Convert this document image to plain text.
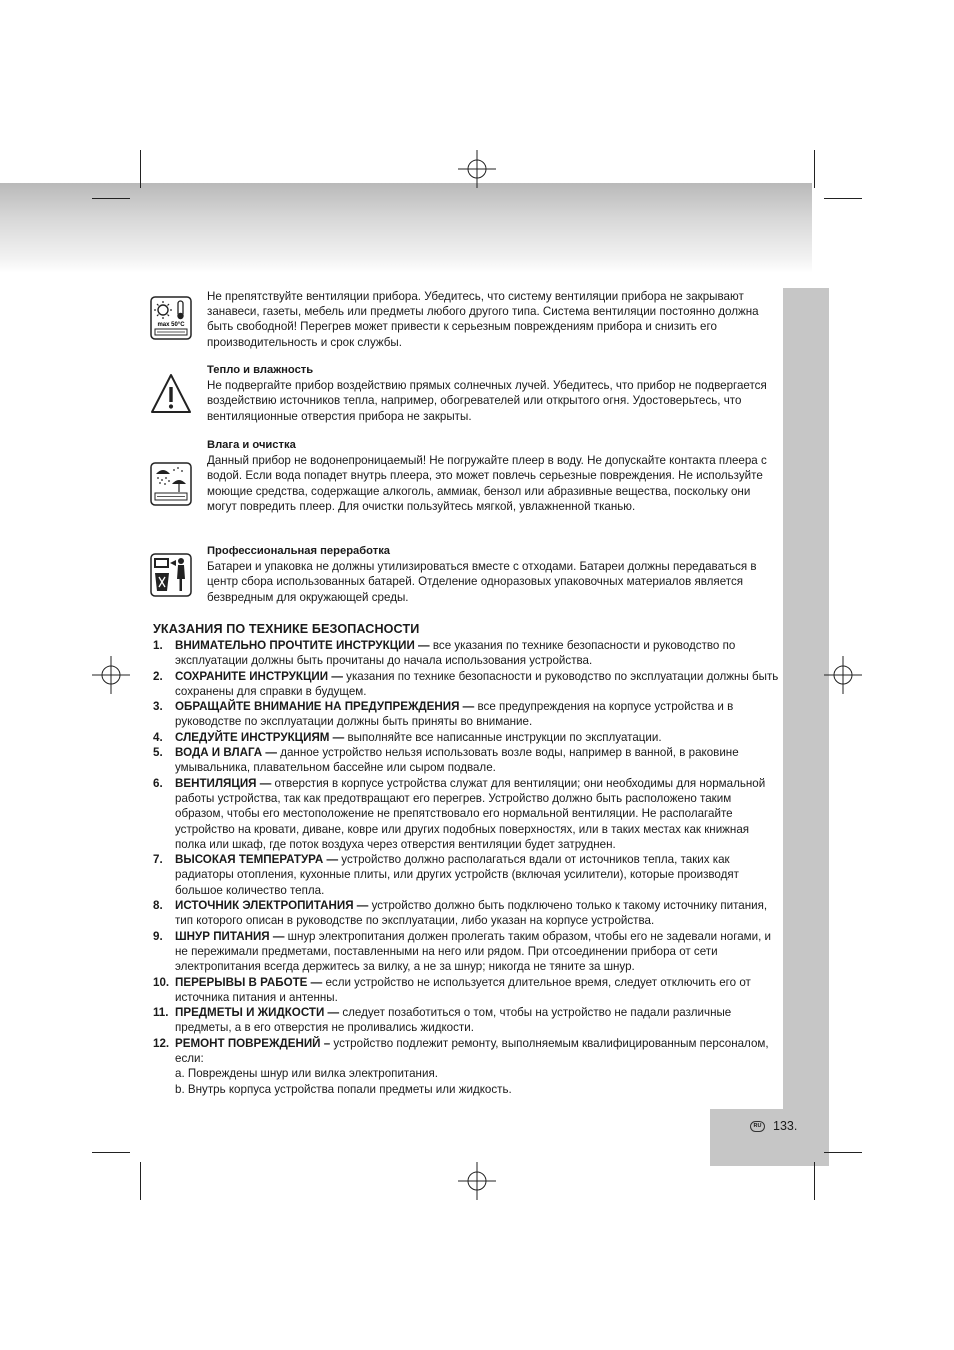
RU 133.
max 50°C

Не препятствуйте вентиляции прибора. Убедитесь, что систему вентиляции прибора не закрывают занавеси, газеты, мебель или предметы любого другого типа. Система вентиляции постоянно должна быть свободной! Перегрев может привести к серьезным повреждениям прибора и снизить его производительность и срок службы.

Тепло и влажность

Не подвергайте прибор воздействию прямых солнечных лучей. Убедитесь, что прибор не подвергается воздействию источников тепла, например, обогревателей или открытого огня. Удостоверьтесь, что вентиляционные отверстия прибора не закрыты.

Влага и очистка

Данный прибор не водонепроницаемый! Не погружайте плеер в воду. Не допускайте контакта плеера с водой. Если вода попадет внутрь плеера, это может повлечь серьезные повреждения. Не используйте моющие средства, содержащие алкоголь, аммиак, бензол или абразивные вещества, поскольку они могут повредить плеер. Для очистки пользуйтесь мягкой, увлажненной тканью.

Профессиональная переработка

Батареи и упаковка не должны утилизироваться вместе с отходами. Батареи должны передаваться в центр сбора использованных батарей. Отделение одноразовых упаковочных материалов является безвредным для окружающей среды.

УКАЗАНИЯ ПО ТЕХНИКЕ БЕЗОПАСНОСТИ
1. ВНИМАТЕЛЬНО ПРОЧТИТЕ ИНСТРУКЦИИ — все указания по технике безопасности и руководство по эксплуатации должны быть прочитаны до начала использования устройства.
2. СОХРАНИТЕ ИНСТРУКЦИИ — указания по технике безопасности и руководство по эксплуатации должны быть сохранены для справки в будущем.
3. ОБРАЩАЙТЕ ВНИМАНИЕ НА ПРЕДУПРЕЖДЕНИЯ — все предупреждения на корпусе устройства и в руководстве по эксплуатации должны быть приняты во внимание.
4. СЛЕДУЙТЕ ИНСТРУКЦИЯМ — выполняйте все написанные инструкции по эксплуатации.
5. ВОДА И ВЛАГА — данное устройство нельзя использовать возле воды, например в ванной, в раковине умывальника, плавательном бассейне или сыром подвале.
6. ВЕНТИЛЯЦИЯ — отверстия в корпусе устройства служат для вентиляции; они необходимы для нормальной работы устройства, так как предотвращают его перегрев. Устройство должно быть расположено таким образом, чтобы его местоположение не препятствовало его нормальной вентиляции. Не располагайте устройство на кровати, диване, ковре или других подобных поверхностях, или в таких местах как книжная полка или шкаф, где поток воздуха через отверстия вентиляции будет затруднен.
7. ВЫСОКАЯ ТЕМПЕРАТУРА — устройство должно располагаться вдали от источников тепла, таких как радиаторы отопления, кухонные плиты, или других устройств (включая усилители), которые производят большое количество тепла.
8. ИСТОЧНИК ЭЛЕКТРОПИТАНИЯ — устройство должно быть подключено только к такому источнику питания, тип которого описан в руководстве по эксплуатации, либо указан на корпусе устройства.
9. ШНУР ПИТАНИЯ — шнур электропитания должен пролегать таким образом, чтобы его не задевали ногами, и не пережимали предметами, поставленными на него или рядом. При отсоединении прибора от сети электропитания всегда держитесь за вилку, а не за шнур; никогда не тяните за шнур.
10. ПЕРЕРЫВЫ В РАБОТЕ — если устройство не используется длительное время, следует отключить его от источника питания и антенны.
11. ПРЕДМЕТЫ И ЖИДКОСТИ — следует позаботиться о том, чтобы на устройство не падали различные предметы, а в его отверстия не проливались жидкости.
12. РЕМОНТ ПОВРЕЖДЕНИЙ – устройство подлежит ремонту, выполняемым квалифицированным персоналом, если:
a. Повреждены шнур или вилка электропитания.
b. Внутрь корпуса устройства попали предметы или жидкость.
